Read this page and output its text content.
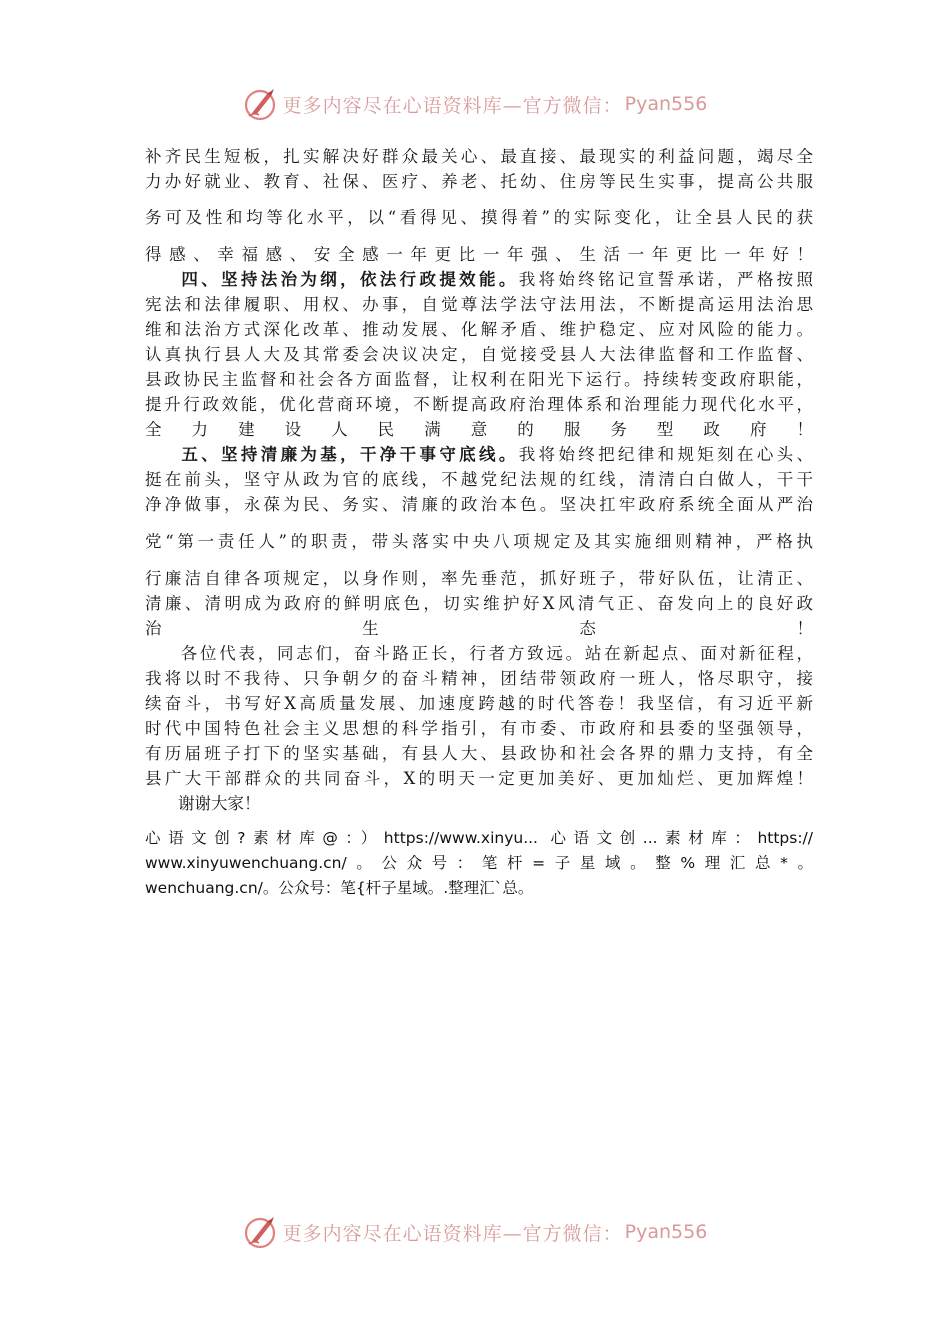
更多内容尽在心语资料库—官方微信： Pyan556

补齐民生短板，扎实解决好群众最关心、最直接、最现实的利益问题，竭尽全
力办好就业、教育、社保、医疗、养老、托幼、住房等民生实事，提高公共服
务可及性和均等化水平，以“看得见、摸得着”的实际变化，让全县人民的获
得感、幸福感、安全感一年更比一年强、生活一年更比一年好！

四、坚持法治为纲，依法行政提效能。我将始终铭记宣誓承诺，严格按照
宪法和法律履职、用权、办事，自觉尊法学法守法用法，不断提高运用法治思
维和法治方式深化改革、推动发展、化解矛盾、维护稳定、应对风险的能力。
认真执行县人大及其常委会决议决定，自觉接受县人大法律监督和工作监督、
县政协民主监督和社会各方面监督，让权利在阳光下运行。持续转变政府职能，
提升行政效能，优化营商环境，不断提高政府治理体系和治理能力现代化水平，
全力建设人民满意的服务型政府！

五、坚持清廉为基，干净干事守底线。我将始终把纪律和规矩刻在心头、
挺在前头，坚守从政为官的底线，不越党纪法规的红线，清清白白做人，干干
净净做事，永葆为民、务实、清廉的政治本色。坚决扛牢政府系统全面从严治
党“第一责任人”的职责，带头落实中央八项规定及其实施细则精神，严格执
行廉洁自律各项规定，以身作则，率先垂范，抓好班子，带好队伍，让清正、
清廉、清明成为政府的鲜明底色，切实维护好X风清气正、奋发向上的良好政
治生态！

各位代表，同志们，奋斗路正长，行者方致远。站在新起点、面对新征程，
我将以时不我待、只争朝夕的奋斗精神，团结带领政府一班人，恪尽职守，接
续奋斗，书写好X高质量发展、加速度跨越的时代答卷！我坚信，有习近平新
时代中国特色社会主义思想的科学指引，有市委、市政府和县委的坚强领导，
有历届班子打下的坚实基础，有县人大、县政协和社会各界的鼎力支持，有全
县广大干部群众的共同奋斗，X的明天一定更加美好、更加灿烂、更加辉煌！

谢谢大家！

心语文创?素材库@：）https://www.xinyu... 心语文创...素材库：https://
www.xinyuwenchuang.cn/。公众号：笔杆=子星域。整%理汇总*。
wenchuang.cn/。公众号：笔{杆子星域。.整理汇`总。
更多内容尽在心语资料库—官方微信： Pyan556
